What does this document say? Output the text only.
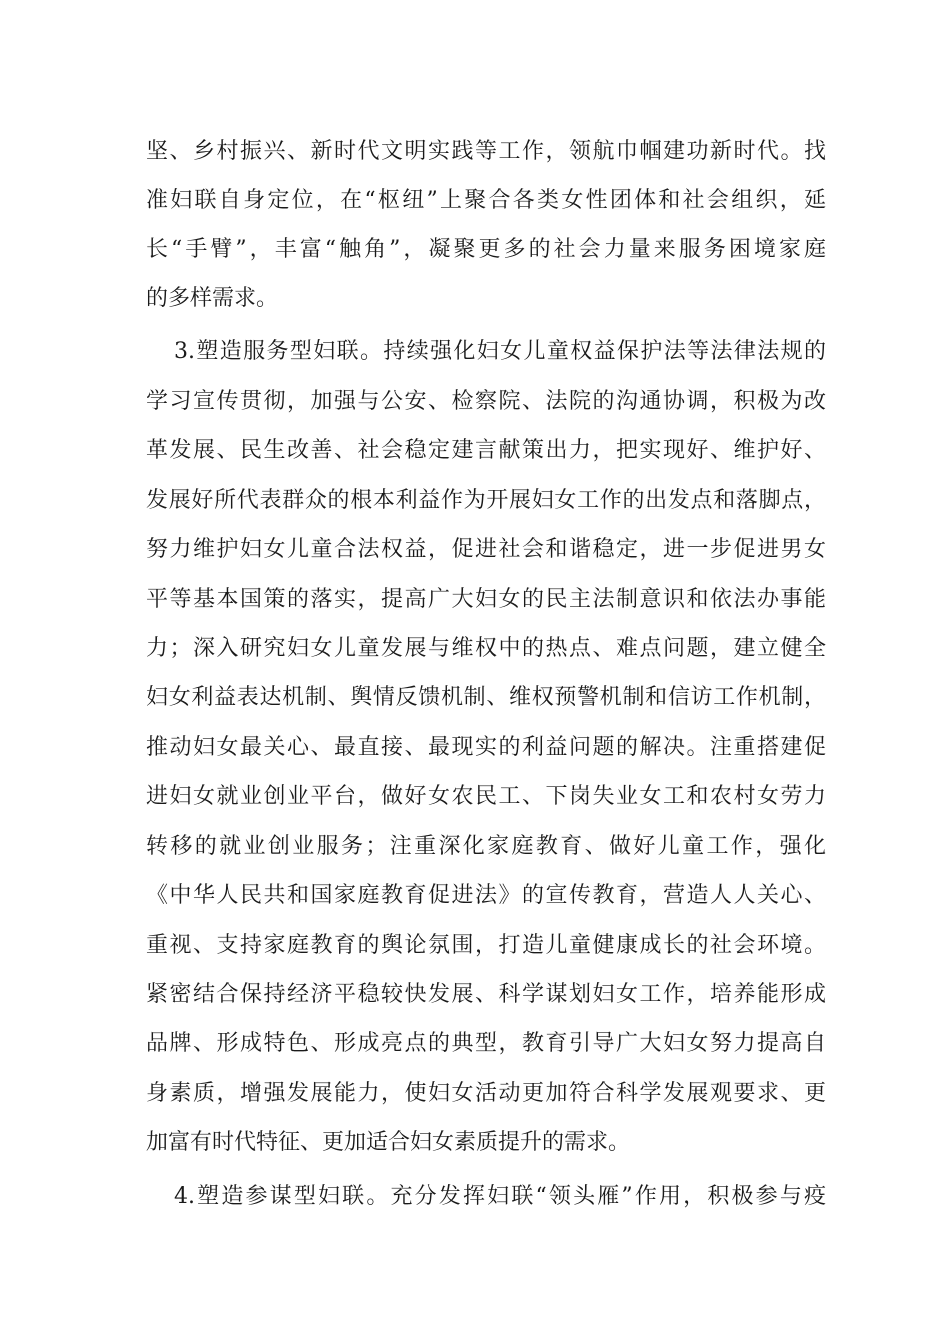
坚、乡村振兴、新时代文明实践等工作，领航巾帼建功新时代。找
准妇联自身定位，在“枢纽”上聚合各类女性团体和社会组织，延
长“手臂”，丰富“触角”，凝聚更多的社会力量来服务困境家庭
的多样需求。
3.塑造服务型妇联。持续强化妇女儿童权益保护法等法律法规的
学习宣传贯彻，加强与公安、检察院、法院的沟通协调，积极为改
革发展、民生改善、社会稳定建言献策出力，把实现好、维护好、
发展好所代表群众的根本利益作为开展妇女工作的出发点和落脚点，
努力维护妇女儿童合法权益，促进社会和谐稳定，进一步促进男女
平等基本国策的落实，提高广大妇女的民主法制意识和依法办事能
力；深入研究妇女儿童发展与维权中的热点、难点问题，建立健全
妇女利益表达机制、舆情反馈机制、维权预警机制和信访工作机制，
推动妇女最关心、最直接、最现实的利益问题的解决。注重搭建促
进妇女就业创业平台，做好女农民工、下岗失业女工和农村女劳力
转移的就业创业服务；注重深化家庭教育、做好儿童工作，强化
《中华人民共和国家庭教育促进法》的宣传教育，营造人人关心、
重视、支持家庭教育的舆论氛围，打造儿童健康成长的社会环境。
紧密结合保持经济平稳较快发展、科学谋划妇女工作，培养能形成
品牌、形成特色、形成亮点的典型，教育引导广大妇女努力提高自
身素质，增强发展能力，使妇女活动更加符合科学发展观要求、更
加富有时代特征、更加适合妇女素质提升的需求。
4.塑造参谋型妇联。充分发挥妇联“领头雁”作用，积极参与疫
